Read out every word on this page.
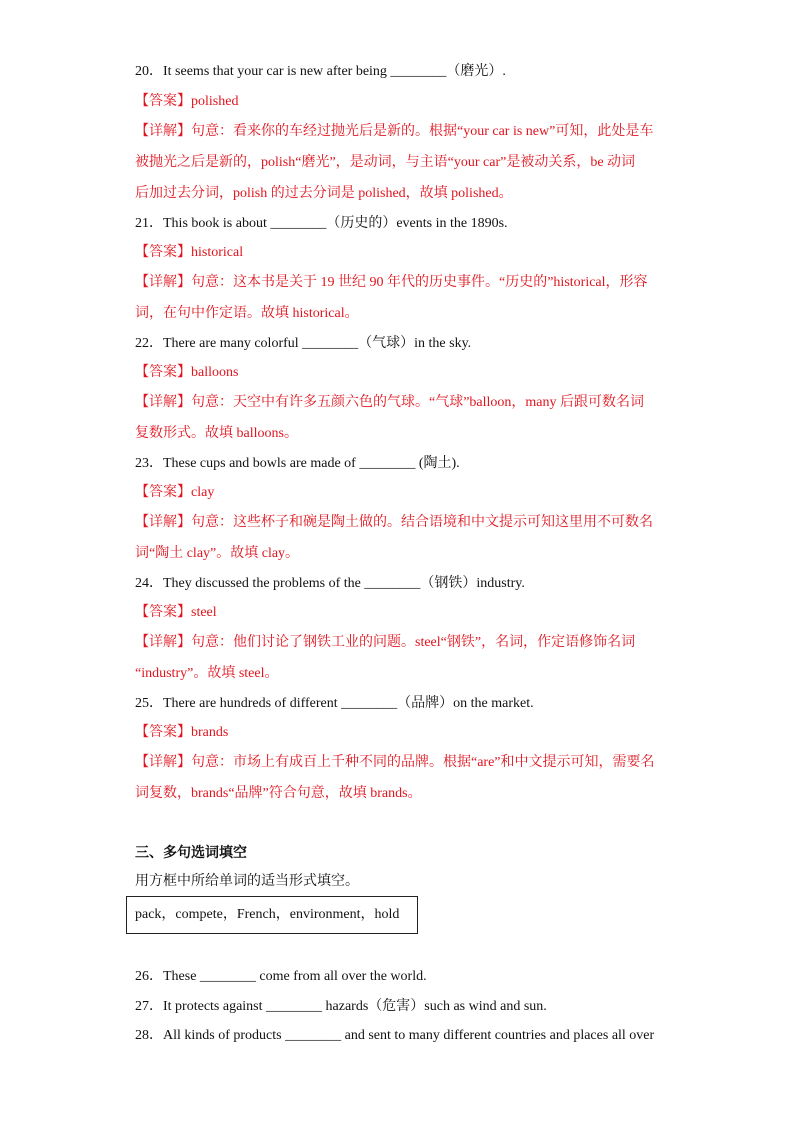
20．It seems that your car is new after being ________（磨光）.
【答案】polished
【详解】句意：看来你的车经过抛光后是新的。根据“your car is new”可知，此处是车
被抛光之后是新的，polish“磨光”，是动词，与主语“your car”是被动关系，be 动词
后加过去分词，polish 的过去分词是 polished，故填 polished。
21．This book is about ________（历史的）events in the 1890s.
【答案】historical
【详解】句意：这本书是关于 19 世纪 90 年代的历史事件。“历史的”historical，形容
词，在句中作定语。故填 historical。
22．There are many colorful ________（气球）in the sky.
【答案】balloons
【详解】句意：天空中有许多五颜六色的气球。“气球”balloon，many 后跟可数名词
复数形式。故填 balloons。
23．These cups and bowls are made of ________ (陶土).
【答案】clay
【详解】句意：这些杯子和碗是陶土做的。结合语境和中文提示可知这里用不可数名
词“陶土 clay”。故填 clay。
24．They discussed the problems of the ________（钢铁）industry.
【答案】steel
【详解】句意：他们讨论了钢铁工业的问题。steel“钢铁”，名词，作定语修饰名词
“industry”。故填 steel。
25．There are hundreds of different ________（品牌）on the market.
【答案】brands
【详解】句意：市场上有成百上千种不同的品牌。根据“are”和中文提示可知，需要名
词复数，brands“品牌”符合句意，故填 brands。
三、多句选词填空
用方框中所给单词的适当形式填空。
pack，compete，French，environment，hold
26．These ________ come from all over the world.
27．It protects against ________ hazards（危害）such as wind and sun.
28．All kinds of products ________ and sent to many different countries and places all over
